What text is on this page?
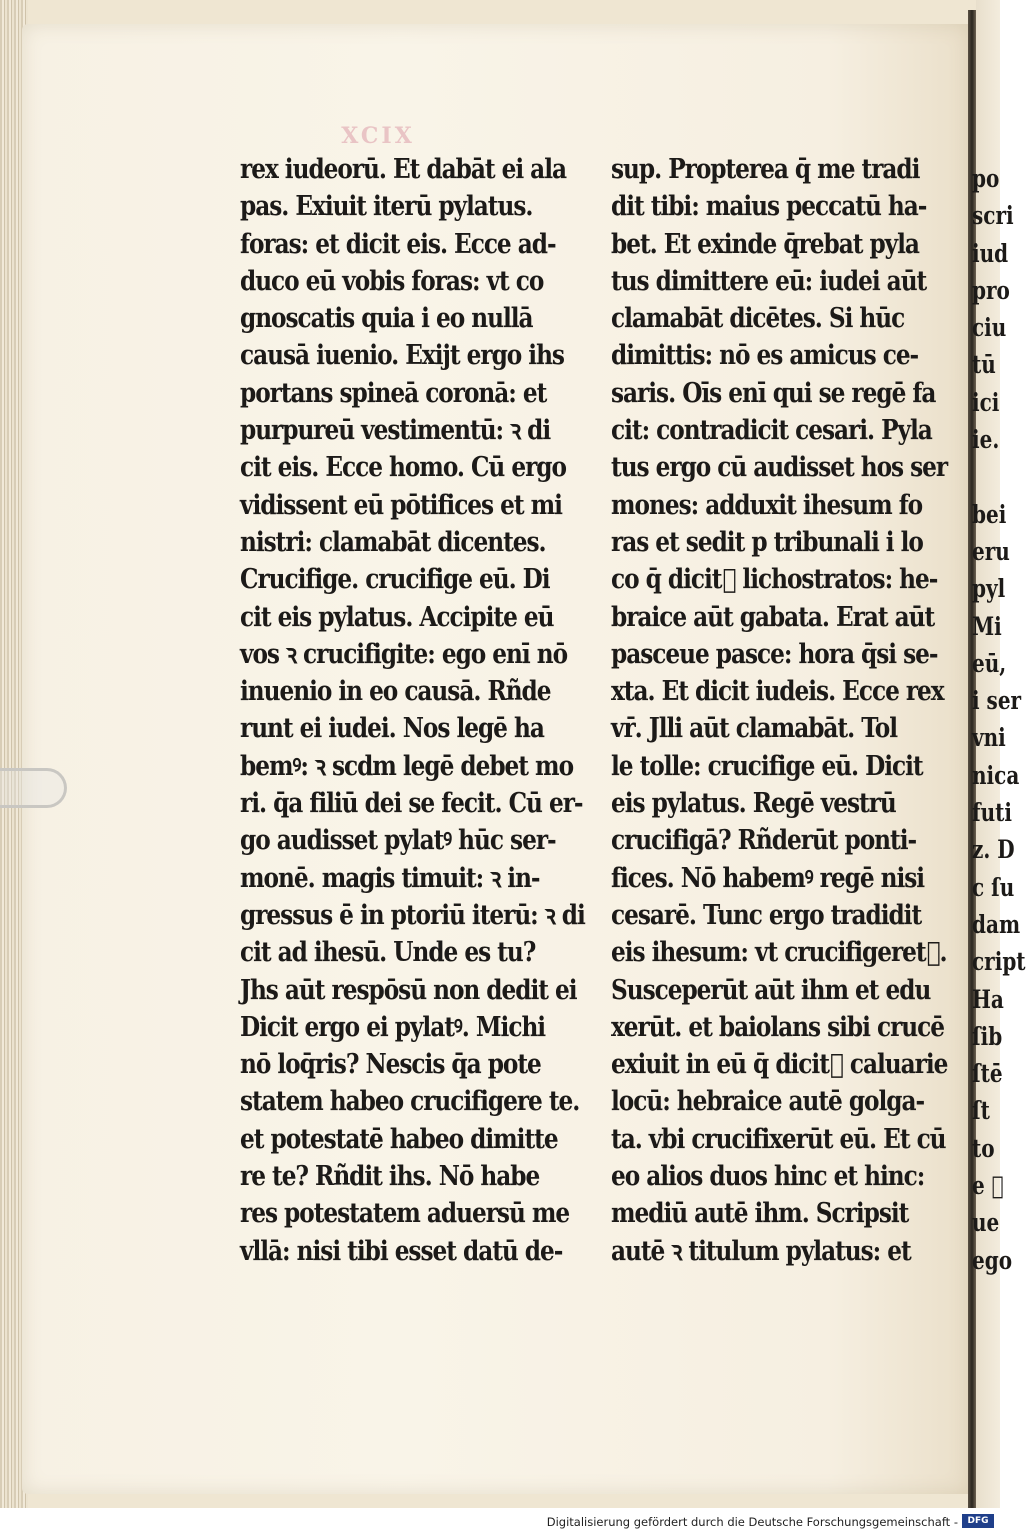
XCIX
rex iudeorū. Et dabāt ei ala
pas. Exiuit iterū pylatus.
foras: et dicit eis. Ecce ad-
duco eū vobis foras: vt co
gnoscatis quia i eo nullā
causā iuenio. Exijt ergo ihs
portans spineā coronā: et
purpureū vestimentū: ꝛ di
cit eis. Ecce homo. Cū ergo
vidissent eū pōtifices et mi
nistri: clamabāt dicentes.
Crucifige. crucifige eū. Di
cit eis pylatus. Accipite eū
vos ꝛ crucifigite: ego enī nō
inuenio in eo causā. Rñde
runt ei iudei. Nos legē ha
bemꝰ: ꝛ scdm legē debet mo
ri. q̄a filiū dei se fecit. Cū er-
go audisset pylatꝰ hūc ser-
monē. magis timuit: ꝛ in-
gressus ē in ptoriū iterū: ꝛ di
cit ad ihesū. Unde es tu?
Jhs aūt respōsū non dedit ei
Dicit ergo ei pylatꝰ. Michi
nō loq̄ris? Nescis q̄a pote
statem habeo crucifigere te.
et potestatē habeo dimitte
re te? Rñdit ihs. Nō habe
res potestatem aduersū me
vllā: nisi tibi esset datū de-
sup. Propterea q̄ me tradi
dit tibi: maius peccatū ha-
bet. Et exinde q̄rebat pyla
tus dimittere eū: iudei aūt
clamabāt dicētes. Si hūc
dimittis: nō es amicus ce-
saris. Oīs enī qui se regē fa
cit: contradicit cesari. Pyla
tus ergo cū audisset hos ser
mones: adduxit ihesum fo
ras et sedit p tribunali i lo
co q̄ dicitᷣ lichostratos: he-
braice aūt gabata. Erat aūt
pasceue pasce: hora q̄si se-
xta. Et dicit iudeis. Ecce rex
vr̄. Jlli aūt clamabāt. Tol
le tolle: crucifige eū. Dicit
eis pylatus. Regē vestrū
crucifigā? Rñderūt ponti-
fices. Nō habemꝰ regē nisi
cesarē. Tunc ergo tradidit
eis ihesum: vt crucifigeretᷣ.
Susceperūt aūt ihm et edu
xerūt. et baiolans sibi crucē
exiuit in eū q̄ dicitᷣ caluarie
locū: hebraice autē golga-
ta. vbi crucifixerūt eū. Et cū
eo alios duos hinc et hinc:
mediū autē ihm. Scripsit
autē ꝛ titulum pylatus: et
po
scri
iud
pro
ciu
tū
ici
ie.
bei
eru
pyl
Mi
eū,
i ser
vni
nica
futi
z. D
c ſu
dam
cript
Ha
ſib
ſtē
ſt
to
e ᷣ
ue
ego
Digitalisierung gefördert durch die Deutsche Forschungsgemeinschaft -	DFG
